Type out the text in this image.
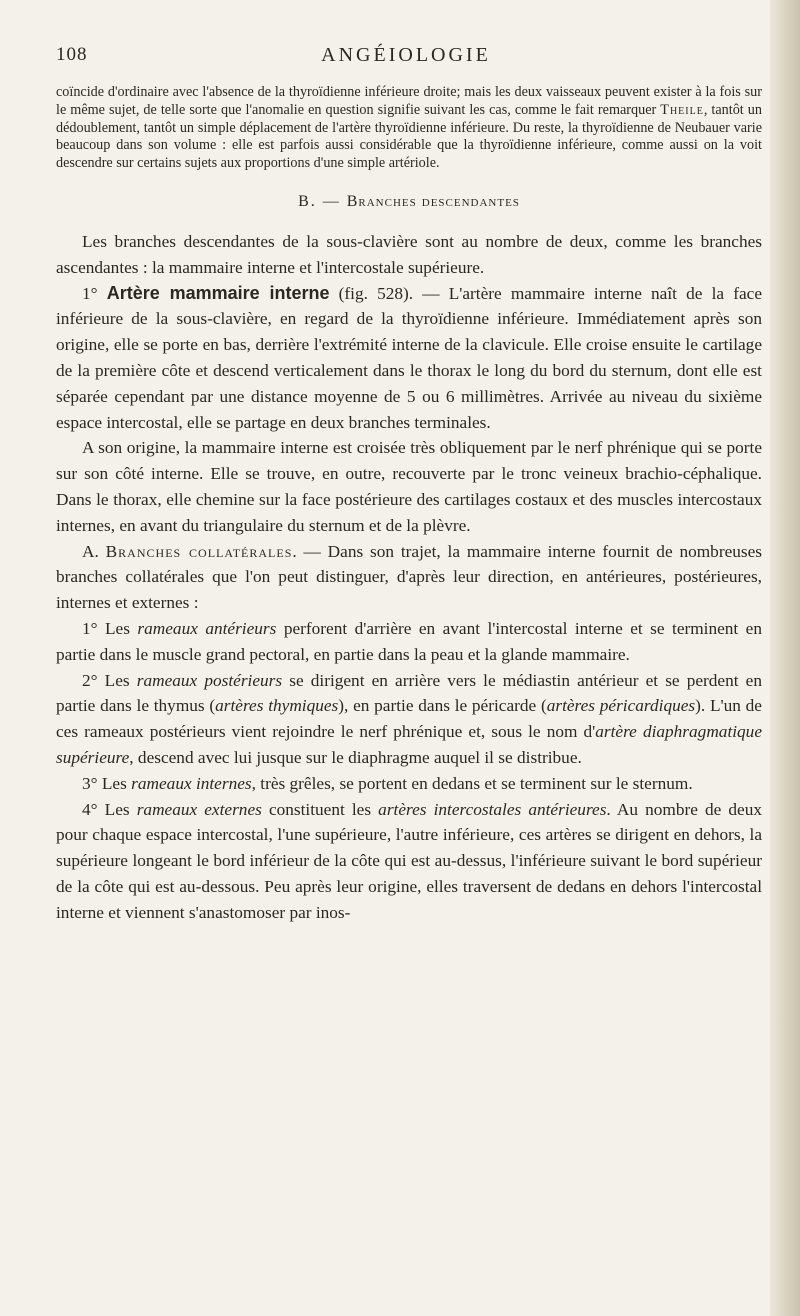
108	ANGÉIOLOGIE

coïncide d'ordinaire avec l'absence de la thyroïdienne inférieure droite; mais les deux vaisseaux peuvent exister à la fois sur le même sujet, de telle sorte que l'anomalie en question signifie suivant les cas, comme le fait remarquer Theile, tantôt un dédoublement, tantôt un simple déplacement de l'artère thyroïdienne inférieure. Du reste, la thyroïdienne de Neubauer varie beaucoup dans son volume : elle est parfois aussi considérable que la thyroïdienne inférieure, comme aussi on la voit descendre sur certains sujets aux proportions d'une simple artériole.

B. — Branches descendantes

Les branches descendantes de la sous-clavière sont au nombre de deux, comme les branches ascendantes : la mammaire interne et l'intercostale supérieure.

1° Artère mammaire interne (fig. 528). — L'artère mammaire interne naît de la face inférieure de la sous-clavière, en regard de la thyroïdienne inférieure. Immédiatement après son origine, elle se porte en bas, derrière l'extrémité interne de la clavicule. Elle croise ensuite le cartilage de la première côte et descend verticalement dans le thorax le long du bord du sternum, dont elle est séparée cependant par une distance moyenne de 5 ou 6 millimètres. Arrivée au niveau du sixième espace intercostal, elle se partage en deux branches terminales.

A son origine, la mammaire interne est croisée très obliquement par le nerf phrénique qui se porte sur son côté interne. Elle se trouve, en outre, recouverte par le tronc veineux brachio-céphalique. Dans le thorax, elle chemine sur la face postérieure des cartilages costaux et des muscles intercostaux internes, en avant du triangulaire du sternum et de la plèvre.

A. Branches collatérales. — Dans son trajet, la mammaire interne fournit de nombreuses branches collatérales que l'on peut distinguer, d'après leur direction, en antérieures, postérieures, internes et externes :

1° Les rameaux antérieurs perforent d'arrière en avant l'intercostal interne et se terminent en partie dans le muscle grand pectoral, en partie dans la peau et la glande mammaire.

2° Les rameaux postérieurs se dirigent en arrière vers le médiastin antérieur et se perdent en partie dans le thymus (artères thymiques), en partie dans le péricarde (artères péricardiques). L'un de ces rameaux postérieurs vient rejoindre le nerf phrénique et, sous le nom d'artère diaphragmatique supérieure, descend avec lui jusque sur le diaphragme auquel il se distribue.

3° Les rameaux internes, très grêles, se portent en dedans et se terminent sur le sternum.

4° Les rameaux externes constituent les artères intercostales antérieures. Au nombre de deux pour chaque espace intercostal, l'une supérieure, l'autre inférieure, ces artères se dirigent en dehors, la supérieure longeant le bord inférieur de la côte qui est au-dessus, l'inférieure suivant le bord supérieur de la côte qui est au-dessous. Peu après leur origine, elles traversent de dedans en dehors l'intercostal interne et viennent s'anastomoser par inos-
